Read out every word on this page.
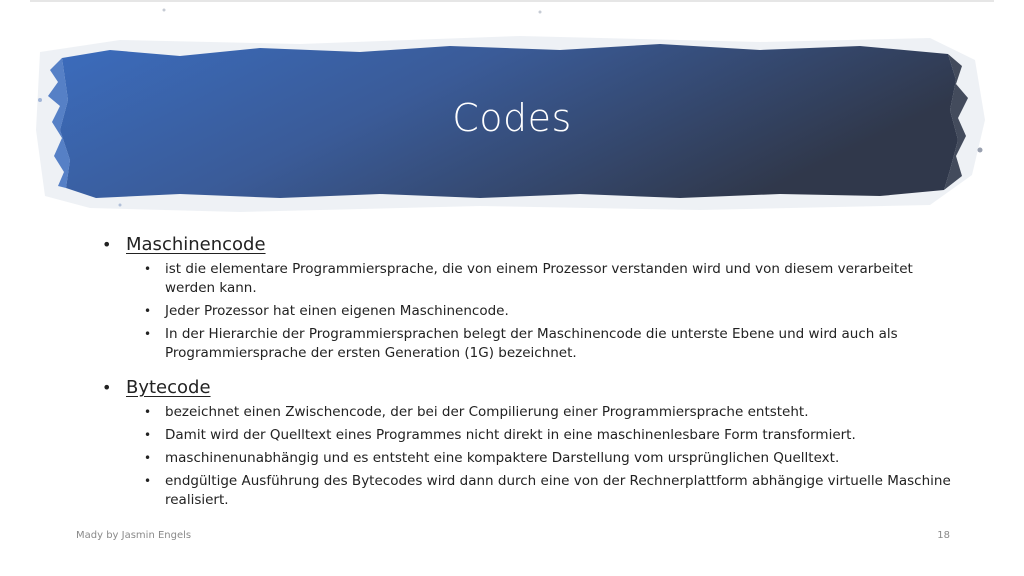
Codes
• Maschinencode
• ist die elementare Programmiersprache, die von einem Prozessor verstanden wird und von diesem verarbeitet werden kann.
• Jeder Prozessor hat einen eigenen Maschinencode.
• In der Hierarchie der Programmiersprachen belegt der Maschinencode die unterste Ebene und wird auch als Programmiersprache der ersten Generation (1G) bezeichnet.
• Bytecode
• bezeichnet einen Zwischencode, der bei der Compilierung einer Programmiersprache entsteht.
• Damit wird der Quelltext eines Programmes nicht direkt in eine maschinenlesbare Form transformiert.
• maschinenunabhängig und es entsteht eine kompaktere Darstellung vom ursprünglichen Quelltext.
• endgültige Ausführung des Bytecodes wird dann durch eine von der Rechnerplattform abhängige virtuelle Maschine realisiert.
Mady by Jasmin Engels	18
